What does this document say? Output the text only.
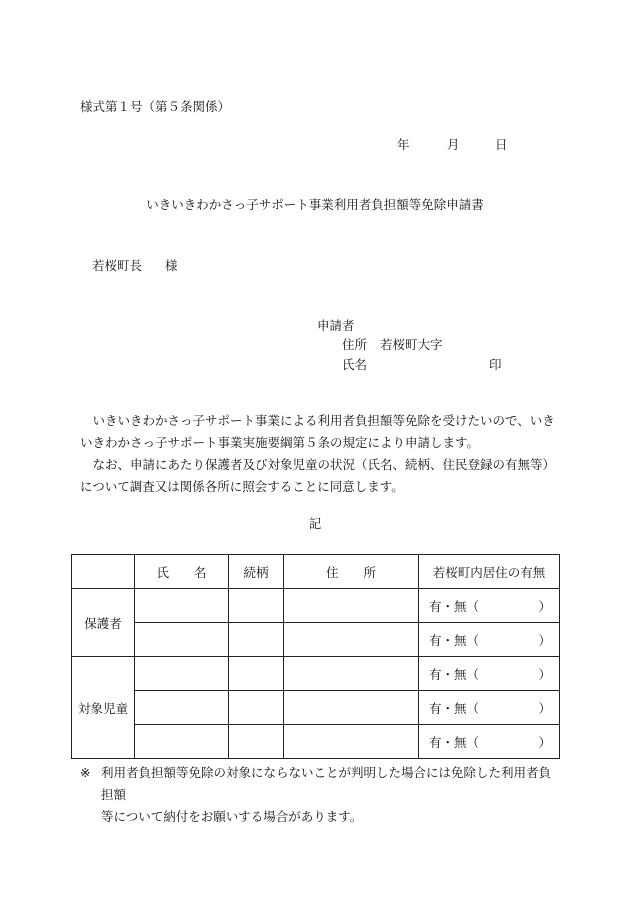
様式第１号（第５条関係）
年	月	日
いきいきわかさっ子サポート事業利用者負担額等免除申請書
若桜町長 様
申請者
住所 若桜町大字
氏名	印

いきいきわかさっ子サポート事業による利用者負担額等免除を受けたいので、いきいきわかさっ子サポート事業実施要綱第５条の規定により申請します。

なお、申請にあたり保護者及び対象児童の状況（氏名、続柄、住民登録の有無等）について調査又は関係各所に照会することに同意します。

記
	氏　　名	続柄	住　　所	若桜町内居住の有無
保護者				有・無（ ）

				有・無（ ）

対象児童				有・無（ ）

				有・無（ ）

				有・無（ ）
※ 利用者負担額等免除の対象にならないことが判明した場合には免除した利用者負担額
等について納付をお願いする場合があります。
